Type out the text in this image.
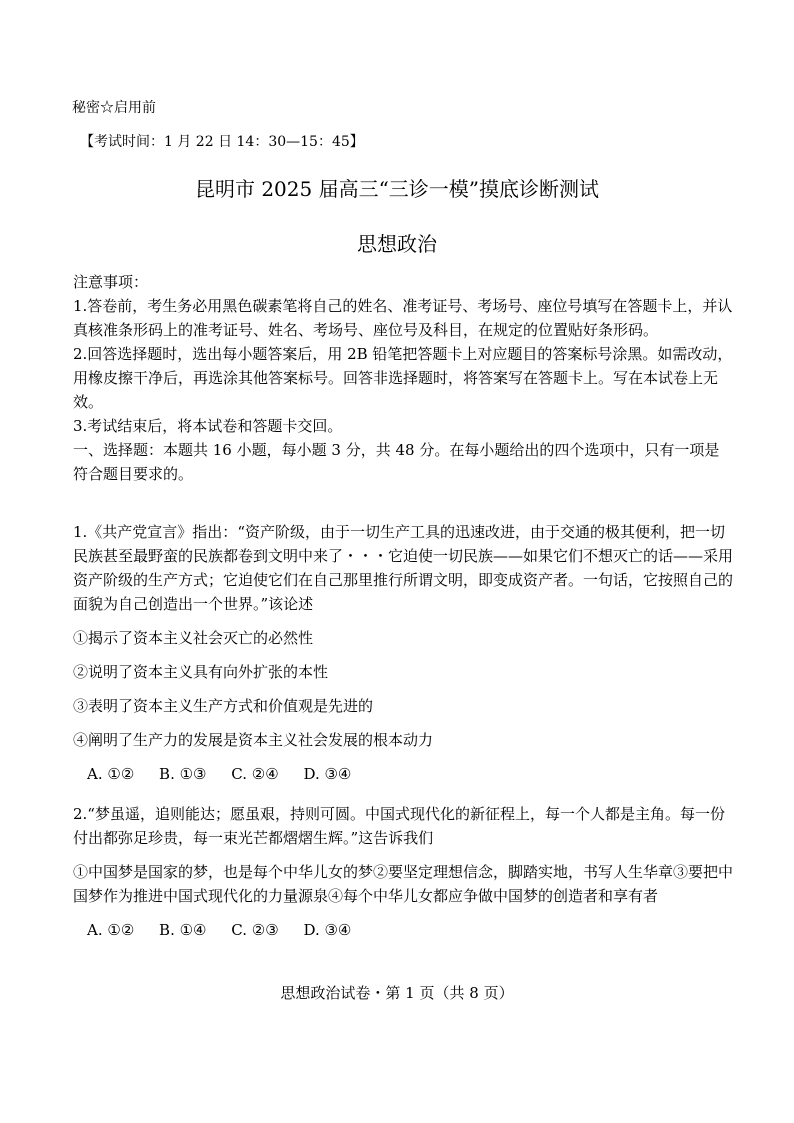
秘密☆启用前
【考试时间：1 月 22 日 14：30—15：45】
昆明市 2025 届高三“三诊一模”摸底诊断测试
思想政治
注意事项：
1.答卷前，考生务必用黑色碳素笔将自己的姓名、准考证号、考场号、座位号填写在答题卡上，并认真核准条形码上的准考证号、姓名、考场号、座位号及科目，在规定的位置贴好条形码。
2.回答选择题时，选出每小题答案后，用 2B 铅笔把答题卡上对应题目的答案标号涂黑。如需改动，用橡皮擦干净后，再选涂其他答案标号。回答非选择题时，将答案写在答题卡上。写在本试卷上无效。
3.考试结束后，将本试卷和答题卡交回。
一、选择题：本题共 16 小题，每小题 3 分，共 48 分。在每小题给出的四个选项中，只有一项是符合题目要求的。
1.《共产党宣言》指出：“资产阶级，由于一切生产工具的迅速改进，由于交通的极其便利，把一切民族甚至最野蛮的民族都卷到文明中来了・・・它迫使一切民族——如果它们不想灭亡的话——采用资产阶级的生产方式；它迫使它们在自己那里推行所谓文明，即变成资产者。一句话，它按照自己的面貌为自己创造出一个世界。”该论述
①揭示了资本主义社会灭亡的必然性
②说明了资本主义具有向外扩张的本性
③表明了资本主义生产方式和价值观是先进的
④阐明了生产力的发展是资本主义社会发展的根本动力
A. ①② B. ①③ C. ②④ D. ③④
2.“梦虽遥，追则能达；愿虽艰，持则可圆。中国式现代化的新征程上，每一个人都是主角。每一份付出都弥足珍贵，每一束光芒都熠熠生辉。”这告诉我们
①中国梦是国家的梦，也是每个中华儿女的梦②要坚定理想信念，脚踏实地，书写人生华章③要把中国梦作为推进中国式现代化的力量源泉④每个中华儿女都应争做中国梦的创造者和享有者
A. ①② B. ①④ C. ②③ D. ③④
思想政治试卷・第 1 页（共 8 页）
